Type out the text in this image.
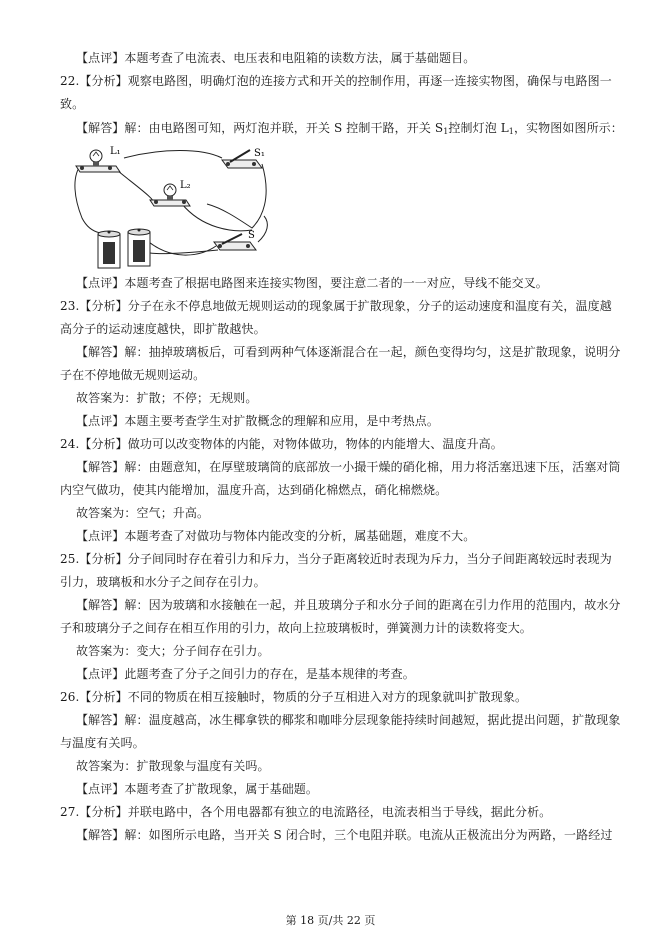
【点评】本题考查了电流表、电压表和电阻箱的读数方法，属于基础题目。
22.【分析】观察电路图，明确灯泡的连接方式和开关的控制作用，再逐一连接实物图，确保与电路图一
致。
【解答】解：由电路图可知，两灯泡并联，开关 S 控制干路，开关 $S_1$控制灯泡 $L_1$，实物图如图所示：
L₁	S₁
L₂
S
【点评】本题考查了根据电路图来连接实物图，要注意二者的一一对应，导线不能交叉。
23.【分析】分子在永不停息地做无规则运动的现象属于扩散现象，分子的运动速度和温度有关，温度越
高分子的运动速度越快，即扩散越快。
【解答】解：抽掉玻璃板后，可看到两种气体逐渐混合在一起，颜色变得均匀，这是扩散现象，说明分
子在不停地做无规则运动。
故答案为：扩散；不停；无规则。
【点评】本题主要考查学生对扩散概念的理解和应用，是中考热点。
24.【分析】做功可以改变物体的内能，对物体做功，物体的内能增大、温度升高。
【解答】解：由题意知，在厚壁玻璃筒的底部放一小撮干燥的硝化棉，用力将活塞迅速下压，活塞对筒
内空气做功，使其内能增加，温度升高，达到硝化棉燃点，硝化棉燃烧。
故答案为：空气；升高。
【点评】本题考查了对做功与物体内能改变的分析，属基础题，难度不大。
25.【分析】分子间同时存在着引力和斥力，当分子距离较近时表现为斥力，当分子间距离较远时表现为
引力，玻璃板和水分子之间存在引力。
【解答】解：因为玻璃和水接触在一起，并且玻璃分子和水分子间的距离在引力作用的范围内，故水分
子和玻璃分子之间存在相互作用的引力，故向上拉玻璃板时，弹簧测力计的读数将变大。
故答案为：变大；分子间存在引力。
【点评】此题考查了分子之间引力的存在，是基本规律的考查。
26.【分析】不同的物质在相互接触时，物质的分子互相进入对方的现象就叫扩散现象。
【解答】解：温度越高，冰生椰拿铁的椰浆和咖啡分层现象能持续时间越短，据此提出问题，扩散现象
与温度有关吗。
故答案为：扩散现象与温度有关吗。
【点评】本题考查了扩散现象，属于基础题。
27.【分析】并联电路中，各个用电器都有独立的电流路径，电流表相当于导线，据此分析。
【解答】解：如图所示电路，当开关 S 闭合时，三个电阻并联。电流从正极流出分为两路，一路经过
第 18 页/共 22 页
